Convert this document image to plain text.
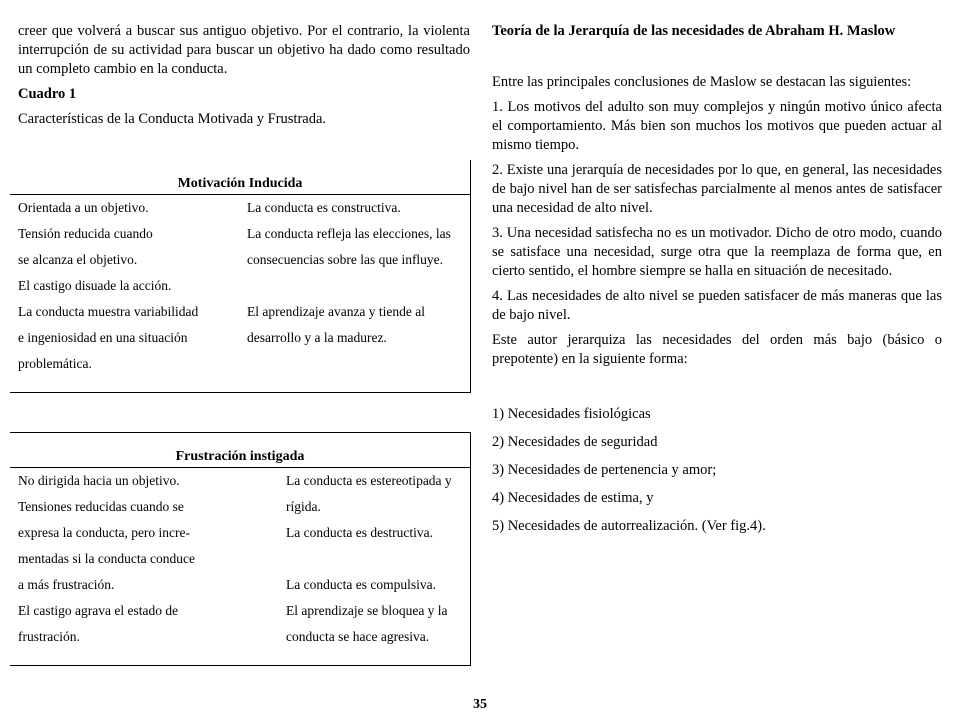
creer que volverá a buscar sus antiguo objetivo. Por el contrario, la violenta interrupción de su actividad para buscar un objetivo ha dado como resultado un completo cambio en la conducta.

Cuadro 1

Características de la Conducta Motivada y Frustrada.

Motivación Inducida
Orientada a un objetivo.	La conducta es constructiva.
Tensión reducida cuando	La conducta refleja las elecciones, las
se alcanza el objetivo.	consecuencias sobre las que influye.
El castigo disuade la acción.
La conducta muestra variabilidad	El aprendizaje avanza y tiende al
e ingeniosidad en una situación	desarrollo y a la madurez.
problemática.
Frustración instigada
No dirigida hacia un objetivo.	La conducta es estereotipada y
Tensiones reducidas cuando se	rígida.
expresa la conducta, pero incre-	La conducta es destructiva.
mentadas si la conducta conduce
a más frustración.	La conducta es compulsiva.
El castigo agrava el estado de	El aprendizaje se bloquea y la
frustración.	conducta se hace agresiva.

Teoría de la Jerarquía de las necesidades de Abraham H. Maslow

Entre las principales conclusiones de Maslow se destacan las siguientes:

1. Los motivos del adulto son muy complejos y ningún motivo único afecta el comportamiento. Más bien son muchos los motivos que pueden actuar al mismo tiempo.

2. Existe una jerarquía de necesidades por lo que, en general, las necesidades de bajo nivel han de ser satisfechas parcialmente al menos antes de satisfacer una necesidad de alto nivel.

3. Una necesidad satisfecha no es un motivador. Dicho de otro modo, cuando se satisface una necesidad, surge otra que la reemplaza de forma que, en cierto sentido, el hombre siempre se halla en situación de necesitado.

4. Las necesidades de alto nivel se pueden satisfacer de más maneras que las de bajo nivel.

Este autor jerarquiza las necesidades del orden más bajo (básico o prepotente) en la siguiente forma:

1) Necesidades fisiológicas

2) Necesidades de seguridad

3) Necesidades de pertenencia y amor;

4) Necesidades de estima, y

5) Necesidades de autorrealización. (Ver fig.4).

35
